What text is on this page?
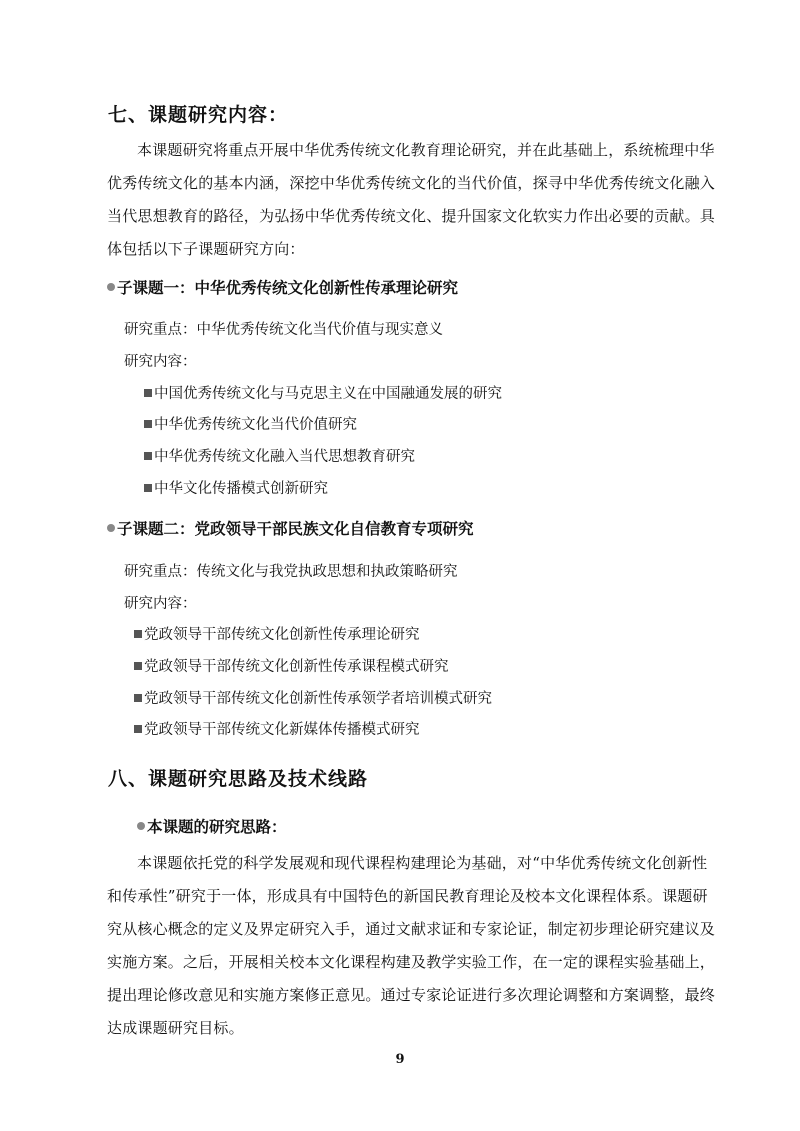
七、课题研究内容：
本课题研究将重点开展中华优秀传统文化教育理论研究，并在此基础上，系统梳理中华
优秀传统文化的基本内涵，深挖中华优秀传统文化的当代价值，探寻中华优秀传统文化融入
当代思想教育的路径，为弘扬中华优秀传统文化、提升国家文化软实力作出必要的贡献。具
体包括以下子课题研究方向：
子课题一：中华优秀传统文化创新性传承理论研究
研究重点：中华优秀传统文化当代价值与现实意义
研究内容：
中国优秀传统文化与马克思主义在中国融通发展的研究
中华优秀传统文化当代价值研究
中华优秀传统文化融入当代思想教育研究
中华文化传播模式创新研究
子课题二：党政领导干部民族文化自信教育专项研究
研究重点：传统文化与我党执政思想和执政策略研究
研究内容：
党政领导干部传统文化创新性传承理论研究
党政领导干部传统文化创新性传承课程模式研究
党政领导干部传统文化创新性传承领学者培训模式研究
党政领导干部传统文化新媒体传播模式研究
八、课题研究思路及技术线路
本课题的研究思路：
本课题依托党的科学发展观和现代课程构建理论为基础，对“中华优秀传统文化创新性
和传承性”研究于一体，形成具有中国特色的新国民教育理论及校本文化课程体系。课题研
究从核心概念的定义及界定研究入手，通过文献求证和专家论证，制定初步理论研究建议及
实施方案。之后，开展相关校本文化课程构建及教学实验工作，在一定的课程实验基础上，
提出理论修改意见和实施方案修正意见。通过专家论证进行多次理论调整和方案调整，最终
达成课题研究目标。
9
